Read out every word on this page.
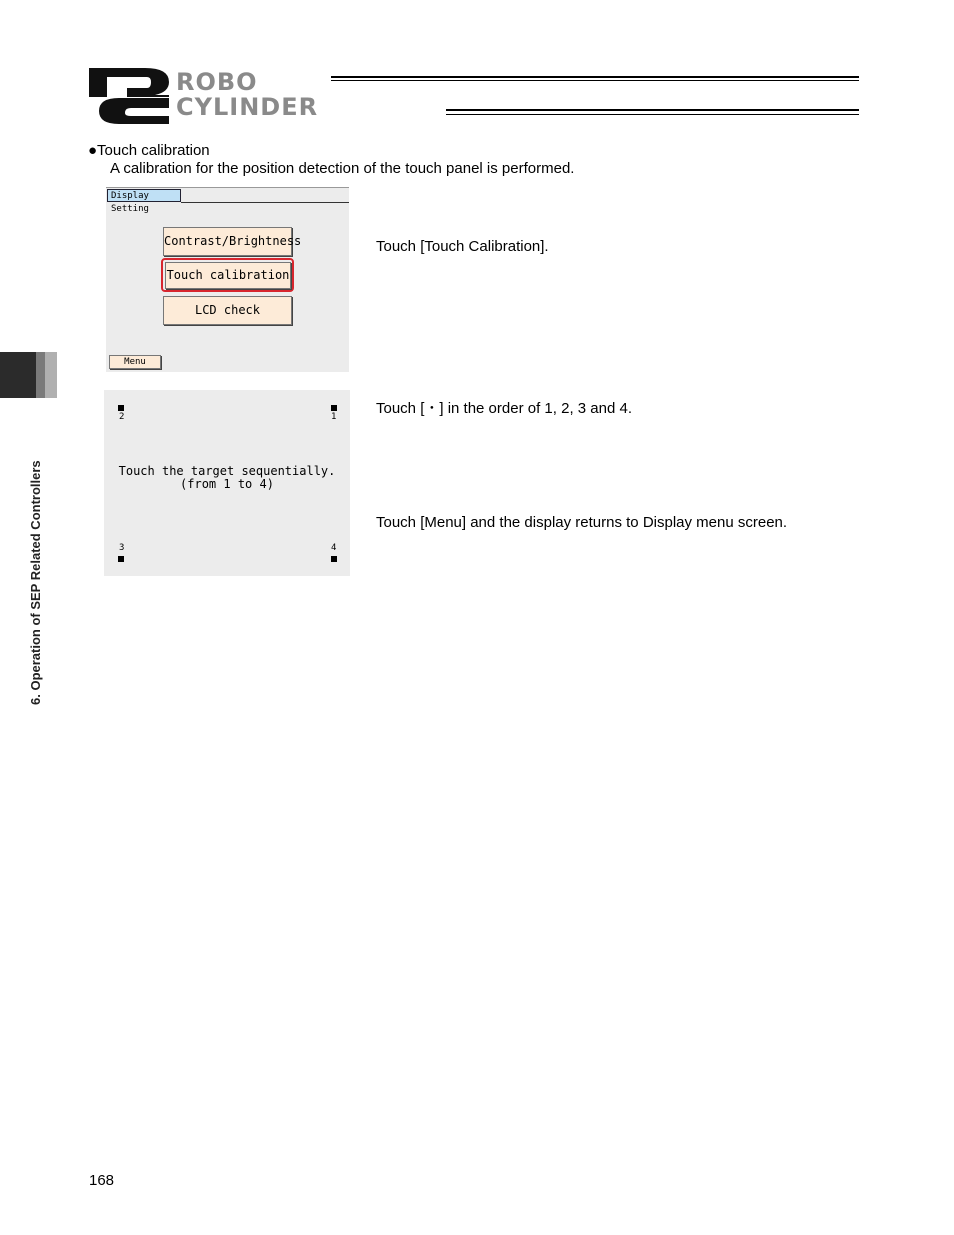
ROBO
CYLINDER
6. Operation of SEP Related Controllers
●Touch calibration
A calibration for the position detection of the touch panel is performed.
Display Setting
Contrast/Brightness
Touch calibration
LCD check
Menu
Touch [Touch Calibration].
2	1
Touch the target sequentially.
(from 1 to 4)
3	4
Touch [・] in the order of 1, 2, 3 and 4.
Touch [Menu] and the display returns to Display menu screen.
168
